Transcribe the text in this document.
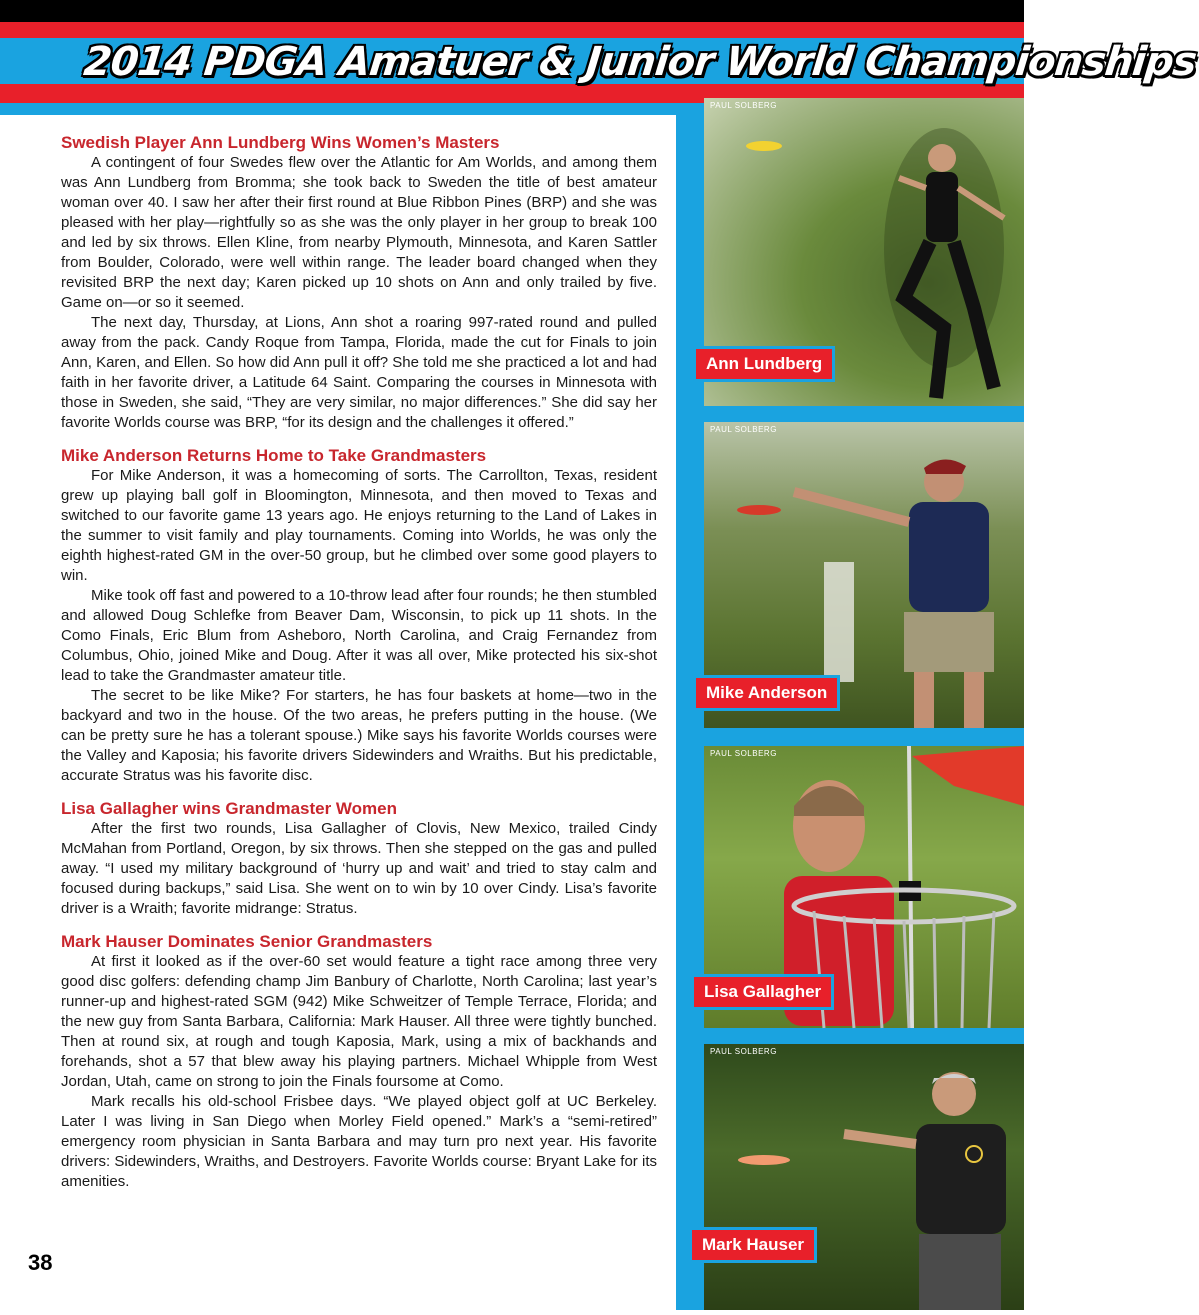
2014 PDGA Amatuer & Junior World Championships
PAUL SOLBERG
Ann Lundberg
PAUL SOLBERG
Mike Anderson
PAUL SOLBERG
Lisa Gallagher
PAUL SOLBERG
Mark Hauser
Swedish Player Ann Lundberg Wins Women’s Masters

A contingent of four Swedes flew over the Atlantic for Am Worlds, and among them was Ann Lundberg from Bromma; she took back to Sweden the title of best amateur woman over 40. I saw her after their first round at Blue Ribbon Pines (BRP) and she was pleased with her play—rightfully so as she was the only player in her group to break 100 and led by six throws. Ellen Kline, from nearby Plymouth, Minnesota, and Karen Sattler from Boulder, Colorado, were well within range. The leader board changed when they revisited BRP the next day; Karen picked up 10 shots on Ann and only trailed by five. Game on—or so it seemed.

The next day, Thursday, at Lions, Ann shot a roaring 997-rated round and pulled away from the pack. Candy Roque from Tampa, Florida, made the cut for Finals to join Ann, Karen, and Ellen. So how did Ann pull it off? She told me she practiced a lot and had faith in her favorite driver, a Latitude 64 Saint. Comparing the courses in Minnesota with those in Sweden, she said, “They are very similar, no major differences.” She did say her favorite Worlds course was BRP, “for its design and the challenges it offered.”

Mike Anderson Returns Home to Take Grandmasters

For Mike Anderson, it was a homecoming of sorts. The Carrollton, Texas, resident grew up playing ball golf in Bloomington, Minnesota, and then moved to Texas and switched to our favorite game 13 years ago. He enjoys returning to the Land of Lakes in the summer to visit family and play tournaments. Coming into Worlds, he was only the eighth highest-rated GM in the over-50 group, but he climbed over some good players to win.

Mike took off fast and powered to a 10-throw lead after four rounds; he then stumbled and allowed Doug Schlefke from Beaver Dam, Wisconsin, to pick up 11 shots. In the Como Finals, Eric Blum from Asheboro, North Carolina, and Craig Fernandez from Columbus, Ohio, joined Mike and Doug. After it was all over, Mike protected his six-shot lead to take the Grandmaster amateur title.

The secret to be like Mike? For starters, he has four baskets at home—two in the backyard and two in the house. Of the two areas, he prefers putting in the house. (We can be pretty sure he has a tolerant spouse.) Mike says his favorite Worlds courses were the Valley and Kaposia; his favorite drivers Sidewinders and Wraiths. But his predictable, accurate Stratus was his favorite disc.

Lisa Gallagher wins Grandmaster Women

After the first two rounds, Lisa Gallagher of Clovis, New Mexico, trailed Cindy McMahan from Portland, Oregon, by six throws. Then she stepped on the gas and pulled away. “I used my military background of ‘hurry up and wait’ and tried to stay calm and focused during backups,” said Lisa. She went on to win by 10 over Cindy. Lisa’s favorite driver is a Wraith; favorite midrange: Stratus.

Mark Hauser Dominates Senior Grandmasters

At first it looked as if the over-60 set would feature a tight race among three very good disc golfers: defending champ Jim Banbury of Charlotte, North Carolina; last year’s runner-up and highest-rated SGM (942) Mike Schweitzer of Temple Terrace, Florida; and the new guy from Santa Barbara, California: Mark Hauser. All three were tightly bunched. Then at round six, at rough and tough Kaposia, Mark, using a mix of backhands and forehands, shot a 57 that blew away his playing partners. Michael Whipple from West Jordan, Utah, came on strong to join the Finals foursome at Como.

Mark recalls his old-school Frisbee days. “We played object golf at UC Berkeley. Later I was living in San Diego when Morley Field opened.” Mark’s a “semi-retired” emergency room physician in Santa Barbara and may turn pro next year. His favorite drivers: Sidewinders, Wraiths, and Destroyers. Favorite Worlds course: Bryant Lake for its amenities.

38
